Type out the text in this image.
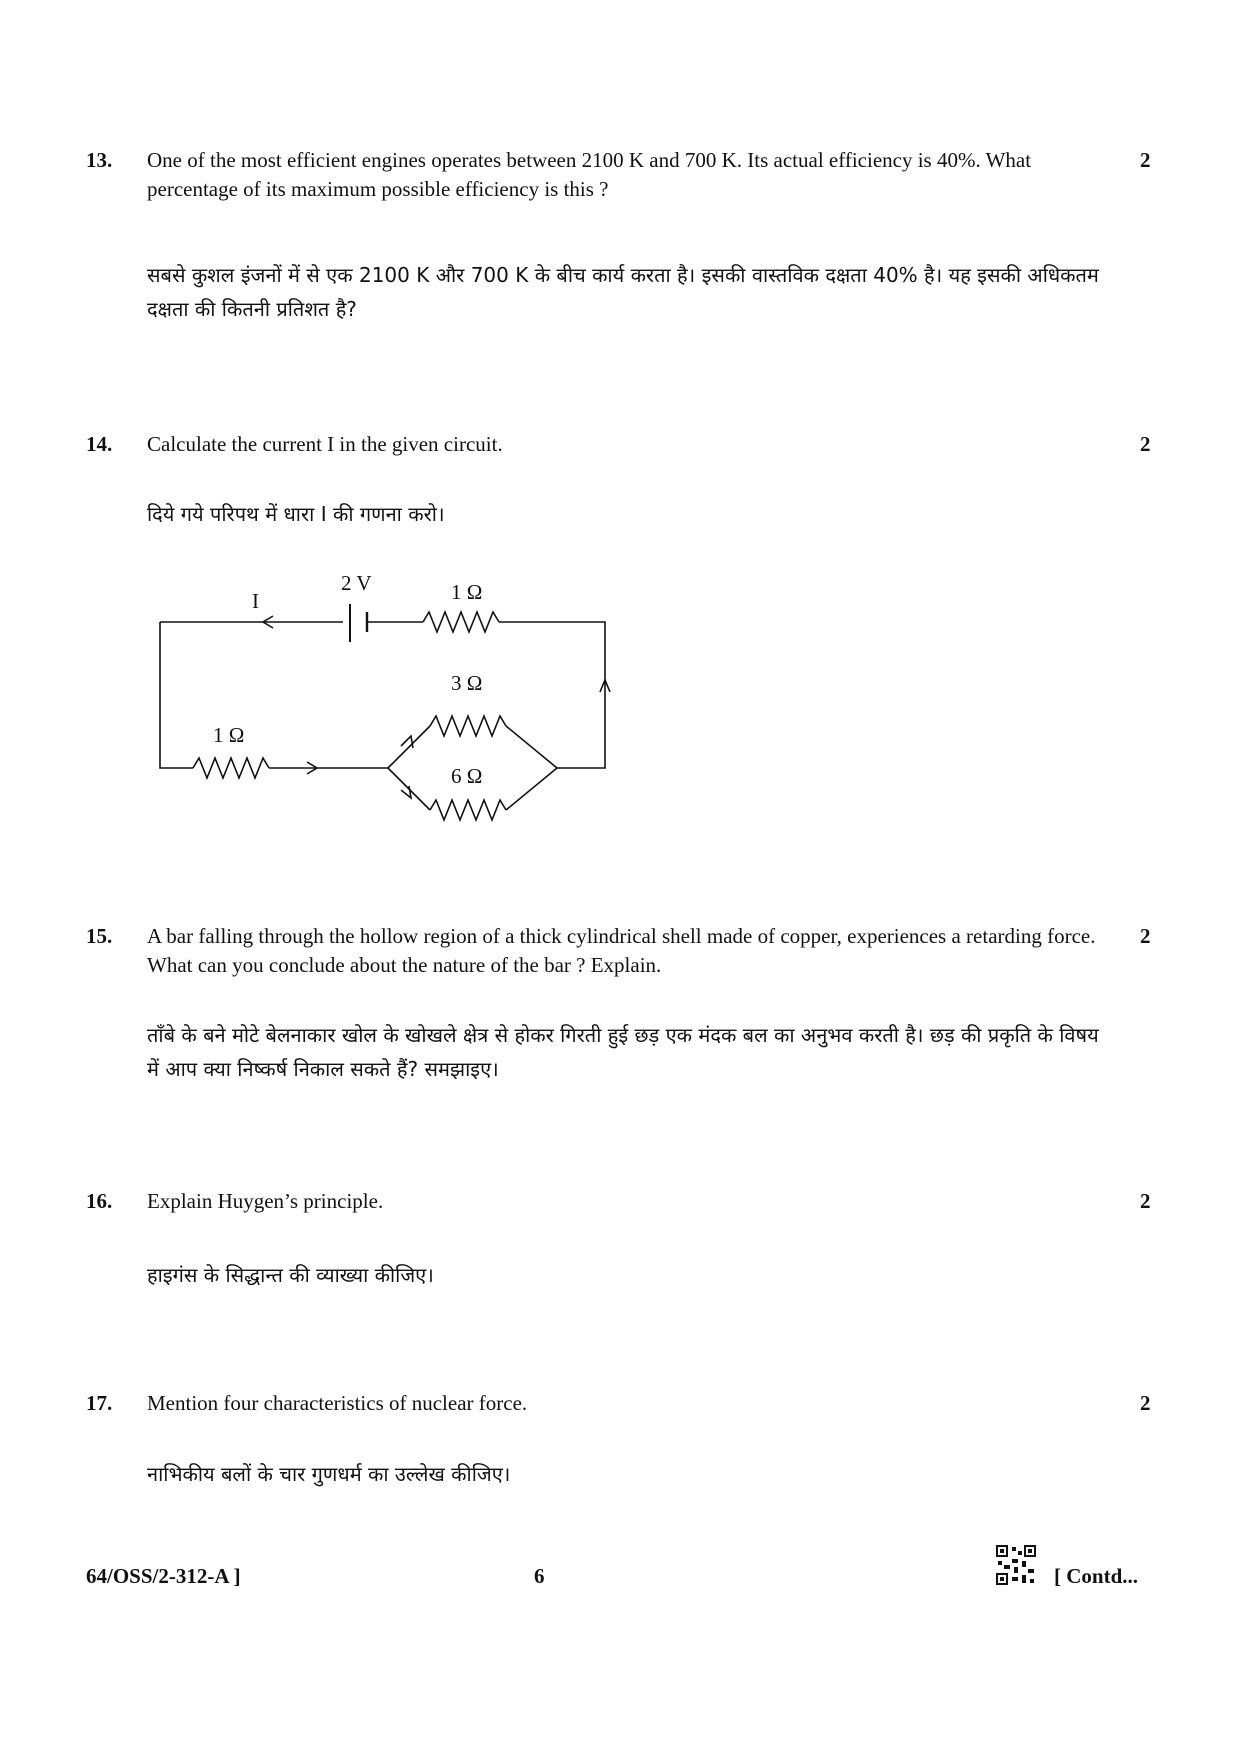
13. One of the most efficient engines operates between 2100 K and 700 K. Its actual efficiency is 40%. What percentage of its maximum possible efficiency is this ?
2
सबसे कुशल इंजनों में से एक 2100 K और 700 K के बीच कार्य करता है। इसकी वास्तविक दक्षता 40% है। यह इसकी अधिकतम दक्षता की कितनी प्रतिशत है?
14. Calculate the current I in the given circuit.	2
दिये गये परिपथ में धारा I की गणना करो।
I
2 V	1 Ω
1 Ω
3 Ω
6 Ω
15. A bar falling through the hollow region of a thick cylindrical shell made of copper, experiences a retarding force. What can you conclude about the nature of the bar ? Explain.
2
ताँबे के बने मोटे बेलनाकार खोल के खोखले क्षेत्र से होकर गिरती हुई छड़ एक मंदक बल का अनुभव करती है। छड़ की प्रकृति के विषय में आप क्या निष्कर्ष निकाल सकते हैं? समझाइए।
16. Explain Huygen’s principle.	2
हाइगंस के सिद्धान्त की व्याख्या कीजिए।
17. Mention four characteristics of nuclear force.	2
नाभिकीय बलों के चार गुणधर्म का उल्लेख कीजिए।
64/OSS/2-312-A ]	6	[ Contd...
